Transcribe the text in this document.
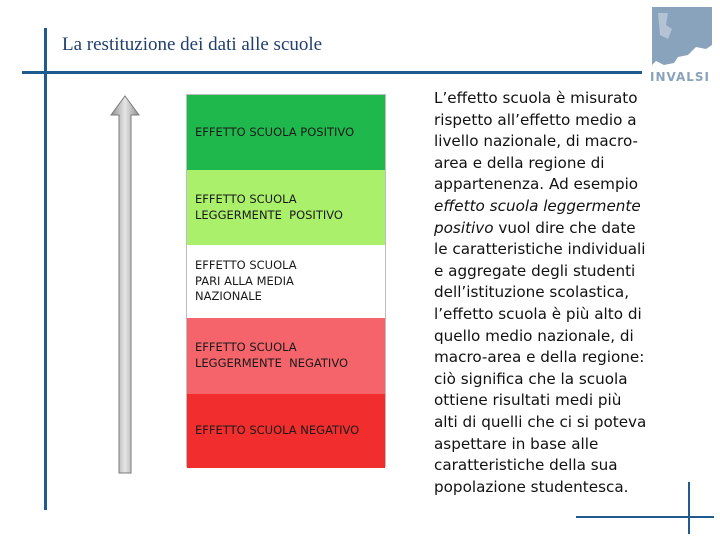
La restituzione dei dati alle scuole
INVALSI
EFFETTO SCUOLA POSITIVO
EFFETTO SCUOLA
LEGGERMENTE  POSITIVO
EFFETTO SCUOLA
PARI ALLA MEDIA
NAZIONALE
EFFETTO SCUOLA
LEGGERMENTE  NEGATIVO
EFFETTO SCUOLA NEGATIVO
L’effetto scuola è misurato
rispetto all’effetto medio a
livello nazionale, di macro-
area e della regione di
appartenenza. Ad esempio
effetto scuola leggermente
positivo vuol dire che date
le caratteristiche individuali
e aggregate degli studenti
dell’istituzione scolastica,
l’effetto scuola è più alto di
quello medio nazionale, di
macro-area e della regione:
ciò significa che la scuola
ottiene risultati medi più
alti di quelli che ci si poteva
aspettare in base alle
caratteristiche della sua
popolazione studentesca.
